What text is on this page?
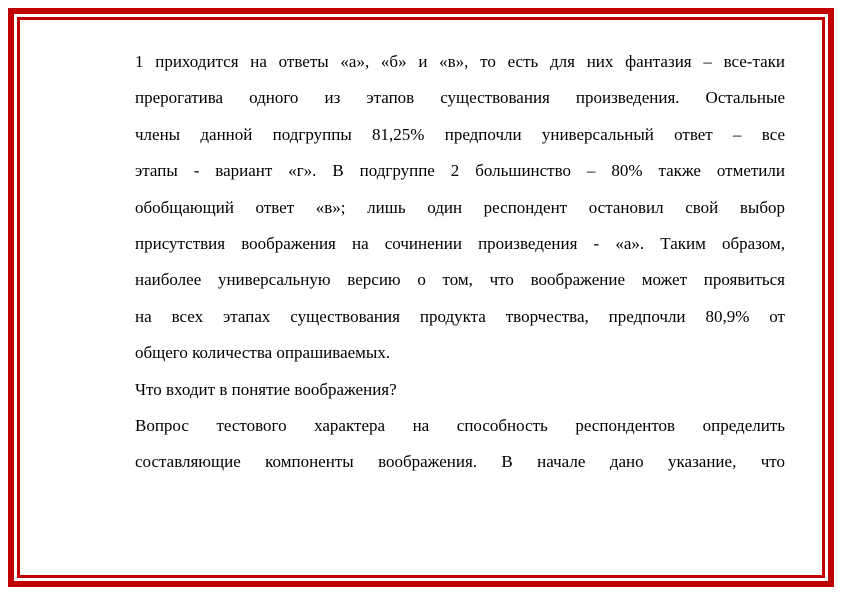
1 приходится на ответы «а», «б» и «в», то есть для них фантазия – все-таки
прерогатива одного из этапов существования произведения. Остальные
члены данной подгруппы 81,25% предпочли универсальный ответ – все
этапы - вариант «г». В подгруппе 2 большинство – 80% также отметили
обобщающий ответ «в»; лишь один респондент остановил свой выбор
присутствия воображения на сочинении произведения - «а». Таким образом,
наиболее универсальную версию о том, что воображение может проявиться
на всех этапах существования продукта творчества, предпочли 80,9% от
общего количества опрашиваемых.
Что входит в понятие воображения?
Вопрос тестового характера на способность респондентов определить
составляющие компоненты воображения. В начале дано указание, что
